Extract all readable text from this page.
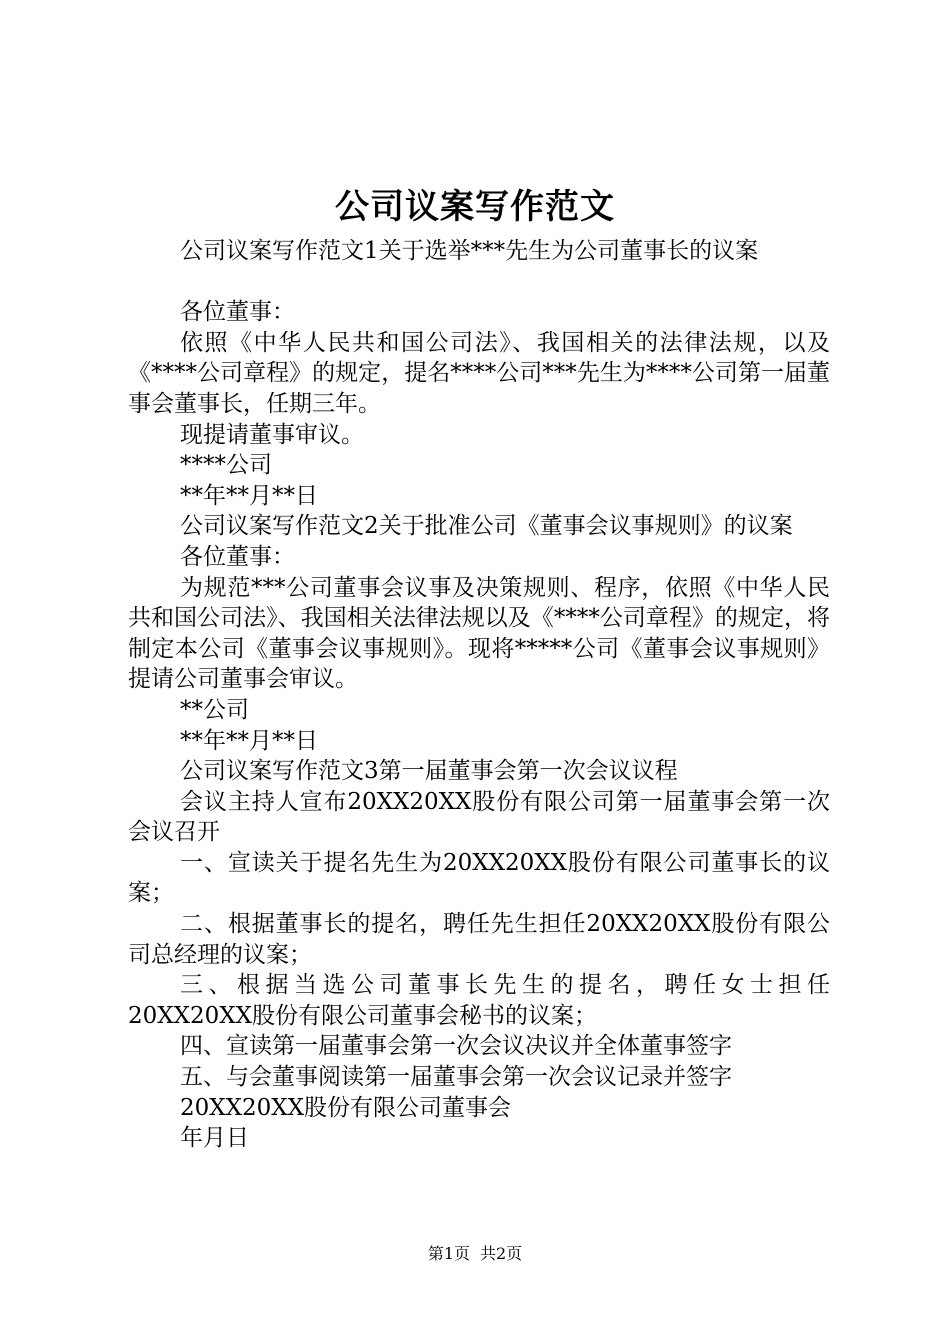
公司议案写作范文

公司议案写作范文1关于选举***先生为公司董事长的议案

各位董事：

依照《中华人民共和国公司法》、我国相关的法律法规，以及《****公司章程》的规定，提名****公司***先生为****公司第一届董事会董事长，任期三年。

现提请董事审议。

****公司

**年**月**日

公司议案写作范文2关于批准公司《董事会议事规则》的议案

各位董事：

为规范***公司董事会议事及决策规则、程序，依照《中华人民共和国公司法》、我国相关法律法规以及《****公司章程》的规定，将制定本公司《董事会议事规则》。现将*****公司《董事会议事规则》提请公司董事会审议。

**公司

**年**月**日

公司议案写作范文3第一届董事会第一次会议议程

会议主持人宣布20XX20XX股份有限公司第一届董事会第一次会议召开

一、宣读关于提名先生为20XX20XX股份有限公司董事长的议案；

二、根据董事长的提名，聘任先生担任20XX20XX股份有限公司总经理的议案；

三、根据当选公司董事长先生的提名，聘任女士担任20XX20XX股份有限公司董事会秘书的议案；

四、宣读第一届董事会第一次会议决议并全体董事签字

五、与会董事阅读第一届董事会第一次会议记录并签字

20XX20XX股份有限公司董事会

年月日

第1页 共2页
